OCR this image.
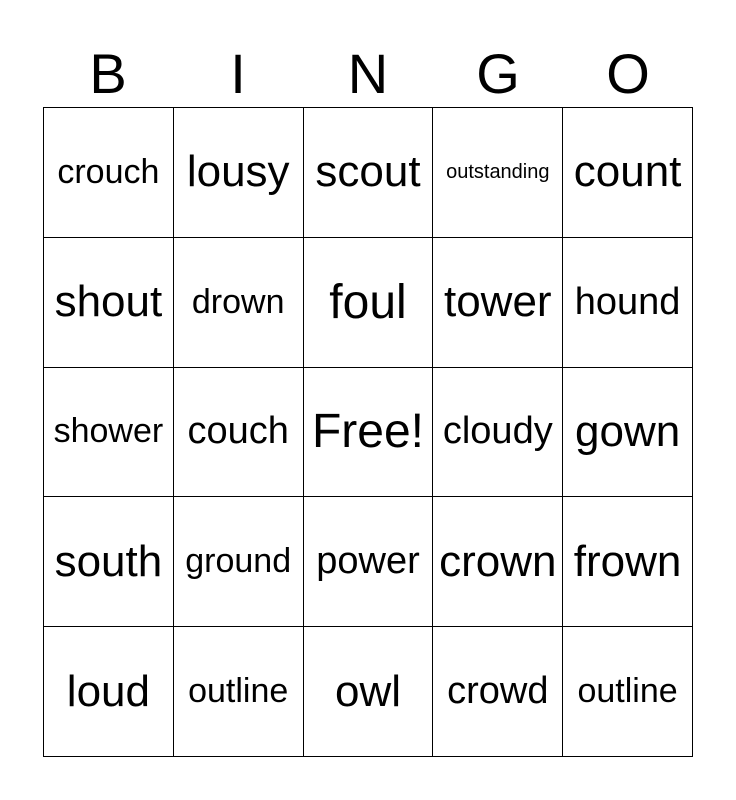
B	I	N	G	O
crouch lousy scout	outstanding count
shout drown foul tower hound
shower couch Free! cloudy gown
south ground power crown frown
loud	outline	owl	crowd outline
